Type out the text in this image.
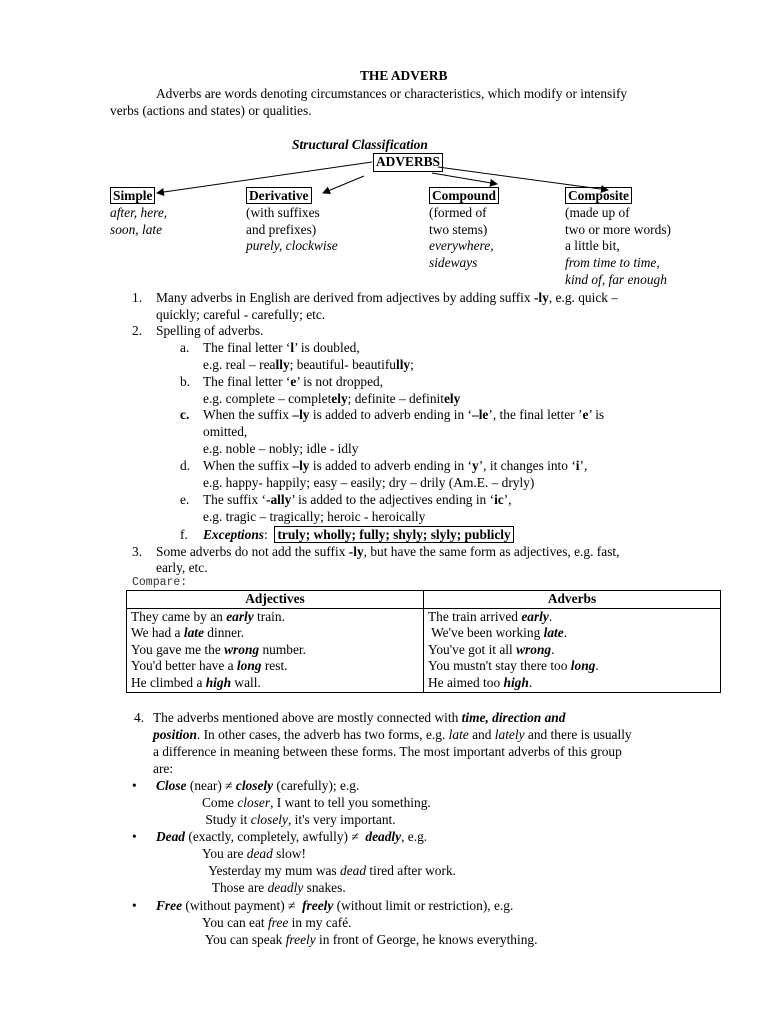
THE ADVERB
Adverbs are words denoting circumstances or characteristics, which modify or intensify
verbs (actions and states) or qualities.
Structural Classification
ADVERBS
Simple
after, here,
soon, late
Derivative
(with suffixes
and prefixes)
purely, clockwise
Compound
(formed of
two stems)
everywhere,
sideways
Composite
(made up of
two or more words)
a little bit,
from time to time,
kind of, far enough
1. Many adverbs in English are derived from adjectives by adding suffix -ly, e.g. quick –
quickly; careful - carefully; etc.
2. Spelling of adverbs.
a. The final letter ‘l’ is doubled,
e.g. real – really; beautiful- beautifully;
b. The final letter ‘e’ is not dropped,
e.g. complete – completely; definite – definitely
c. When the suffix –ly is added to adverb ending in ‘–le’, the final letter ’e’ is
omitted,
e.g. noble – nobly; idle - idly
d. When the suffix –ly is added to adverb ending in ‘y’, it changes into ‘i’,
e.g. happy- happily; easy – easily; dry – drily (Am.E. – dryly)
e. The suffix ‘-ally’ is added to the adjectives ending in ‘ic’,
e.g. tragic – tragically; heroic - heroically
f. Exceptions: truly; wholly; fully; shyly; slyly; publicly
3. Some adverbs do not add the suffix -ly, but have the same form as adjectives, e.g. fast,
early, etc.
Compare:
Adjectives	Adverbs
They came by an early train.	The train arrived early.
We had a late dinner.	We've been working late.
You gave me the wrong number.	You've got it all wrong.
You'd better have a long rest.	You mustn't stay there too long.
He climbed a high wall.	He aimed too high.
4. The adverbs mentioned above are mostly connected with time, direction and
position. In other cases, the adverb has two forms, e.g. late and lately and there is usually
a difference in meaning between these forms. The most important adverbs of this group
are:
• Close (near) ≠ closely (carefully); e.g.
Come closer, I want to tell you something.
Study it closely, it's very important.
• Dead (exactly, completely, awfully) ≠  deadly, e.g.
You are dead slow!
Yesterday my mum was dead tired after work.
Those are deadly snakes.
• Free (without payment) ≠  freely (without limit or restriction), e.g.
You can eat free in my café.
You can speak freely in front of George, he knows everything.
